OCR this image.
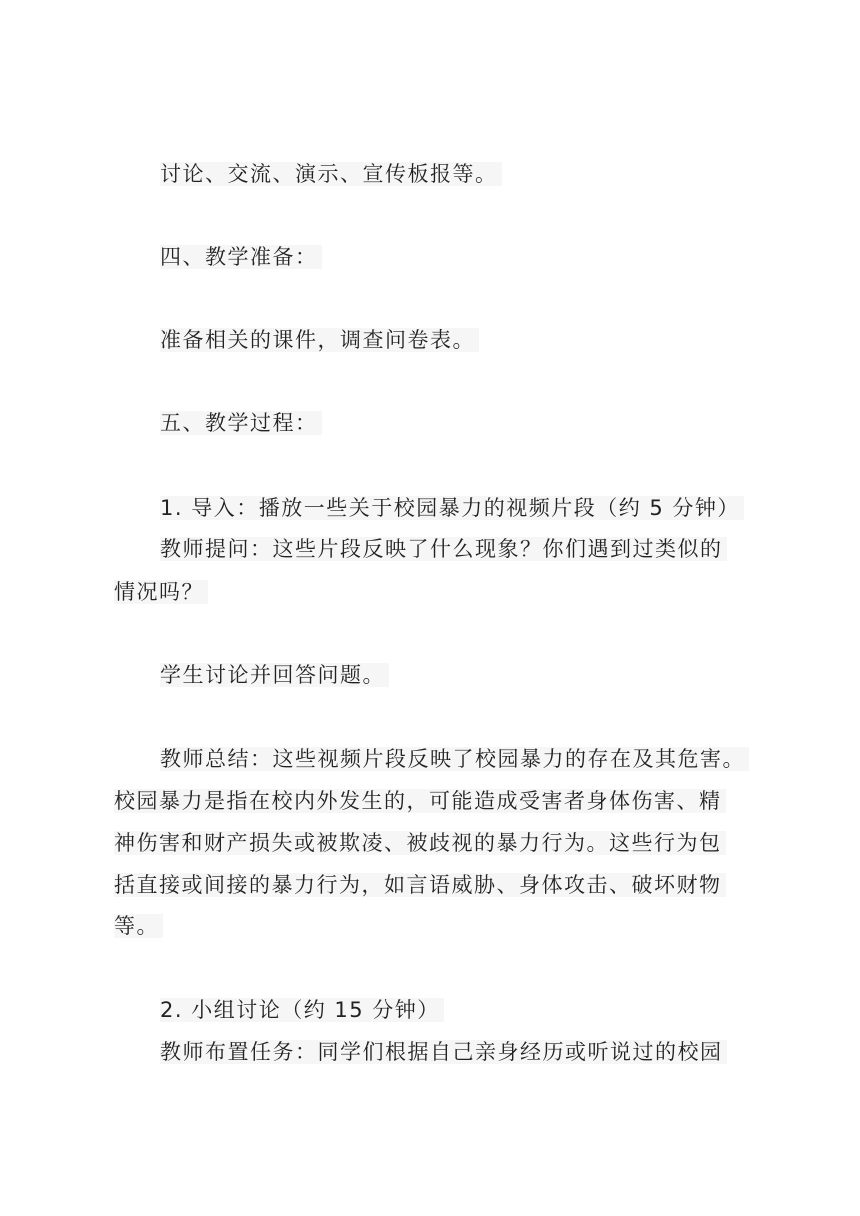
讨论、交流、演示、宣传板报等。
四、教学准备：
准备相关的课件，调查问卷表。
五、教学过程：
1. 导入：播放一些关于校园暴力的视频片段（约 5 分钟）
教师提问：这些片段反映了什么现象？你们遇到过类似的
情况吗？
学生讨论并回答问题。
教师总结：这些视频片段反映了校园暴力的存在及其危害。
校园暴力是指在校内外发生的，可能造成受害者身体伤害、精
神伤害和财产损失或被欺凌、被歧视的暴力行为。这些行为包
括直接或间接的暴力行为，如言语威胁、身体攻击、破坏财物
等。
2. 小组讨论（约 15 分钟）
教师布置任务：同学们根据自己亲身经历或听说过的校园
